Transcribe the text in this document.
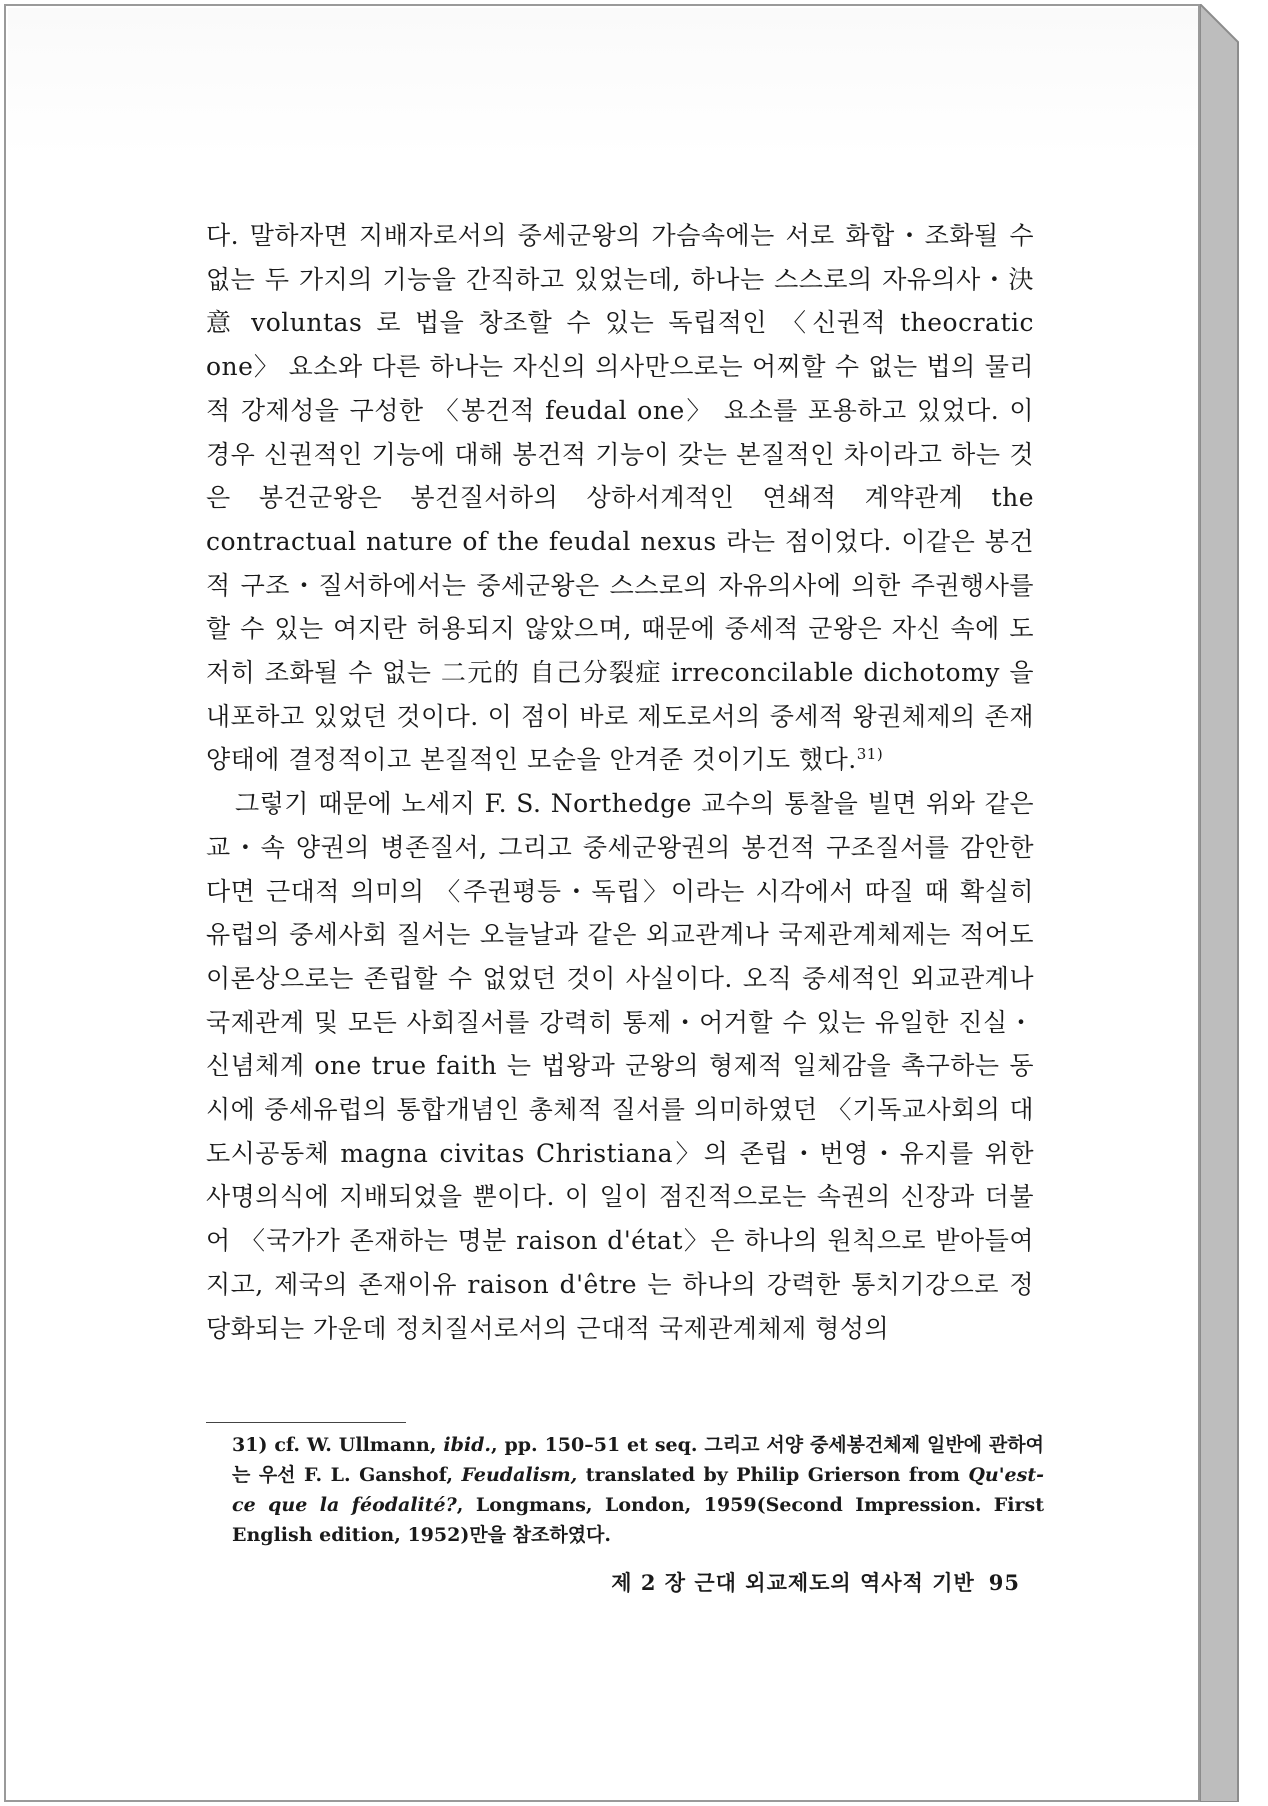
다. 말하자면 지배자로서의 중세군왕의 가슴속에는 서로 화합・조화될 수 없는 두 가지의 기능을 간직하고 있었는데, 하나는 스스로의 자유의사・決意 voluntas 로 법을 창조할 수 있는 독립적인 〈신권적 theocratic one〉 요소와 다른 하나는 자신의 의사만으로는 어찌할 수 없는 법의 물리적 강제성을 구성한 〈봉건적 feudal one〉 요소를 포용하고 있었다. 이 경우 신권적인 기능에 대해 봉건적 기능이 갖는 본질적인 차이라고 하는 것은 봉건군왕은 봉건질서하의 상하서계적인 연쇄적 계약관계 the contractual nature of the feudal nexus 라는 점이었다. 이같은 봉건적 구조・질서하에서는 중세군왕은 스스로의 자유의사에 의한 주권행사를 할 수 있는 여지란 허용되지 않았으며, 때문에 중세적 군왕은 자신 속에 도저히 조화될 수 없는 二元的 自己分裂症 irreconcilable dichotomy 을 내포하고 있었던 것이다. 이 점이 바로 제도로서의 중세적 왕권체제의 존재양태에 결정적이고 본질적인 모순을 안겨준 것이기도 했다.$^{31)}$

그렇기 때문에 노세지 F. S. Northedge 교수의 통찰을 빌면 위와 같은 교・속 양권의 병존질서, 그리고 중세군왕권의 봉건적 구조질서를 감안한다면 근대적 의미의 〈주권평등・독립〉이라는 시각에서 따질 때 확실히 유럽의 중세사회 질서는 오늘날과 같은 외교관계나 국제관계체제는 적어도 이론상으로는 존립할 수 없었던 것이 사실이다. 오직 중세적인 외교관계나 국제관계 및 모든 사회질서를 강력히 통제・어거할 수 있는 유일한 진실・신념체계 one true faith 는 법왕과 군왕의 형제적 일체감을 촉구하는 동시에 중세유럽의 통합개념인 총체적 질서를 의미하였던 〈기독교사회의 대도시공동체 magna civitas Christiana〉의 존립・번영・유지를 위한 사명의식에 지배되었을 뿐이다. 이 일이 점진적으로는 속권의 신장과 더불어 〈국가가 존재하는 명분 raison d'état〉은 하나의 원칙으로 받아들여지고, 제국의 존재이유 raison d'être 는 하나의 강력한 통치기강으로 정당화되는 가운데 정치질서로서의 근대적 국제관계체제 형성의

31) cf. W. Ullmann, ibid., pp. 150–51 et seq. 그리고 서양 중세봉건체제 일반에 관하여는 우선 F. L. Ganshof, Feudalism, translated by Philip Grierson from Qu'est-ce que la féodalité?, Longmans, London, 1959(Second Impression. First English edition, 1952)만을 참조하였다.
제 2 장 근대 외교제도의 역사적 기반 95
